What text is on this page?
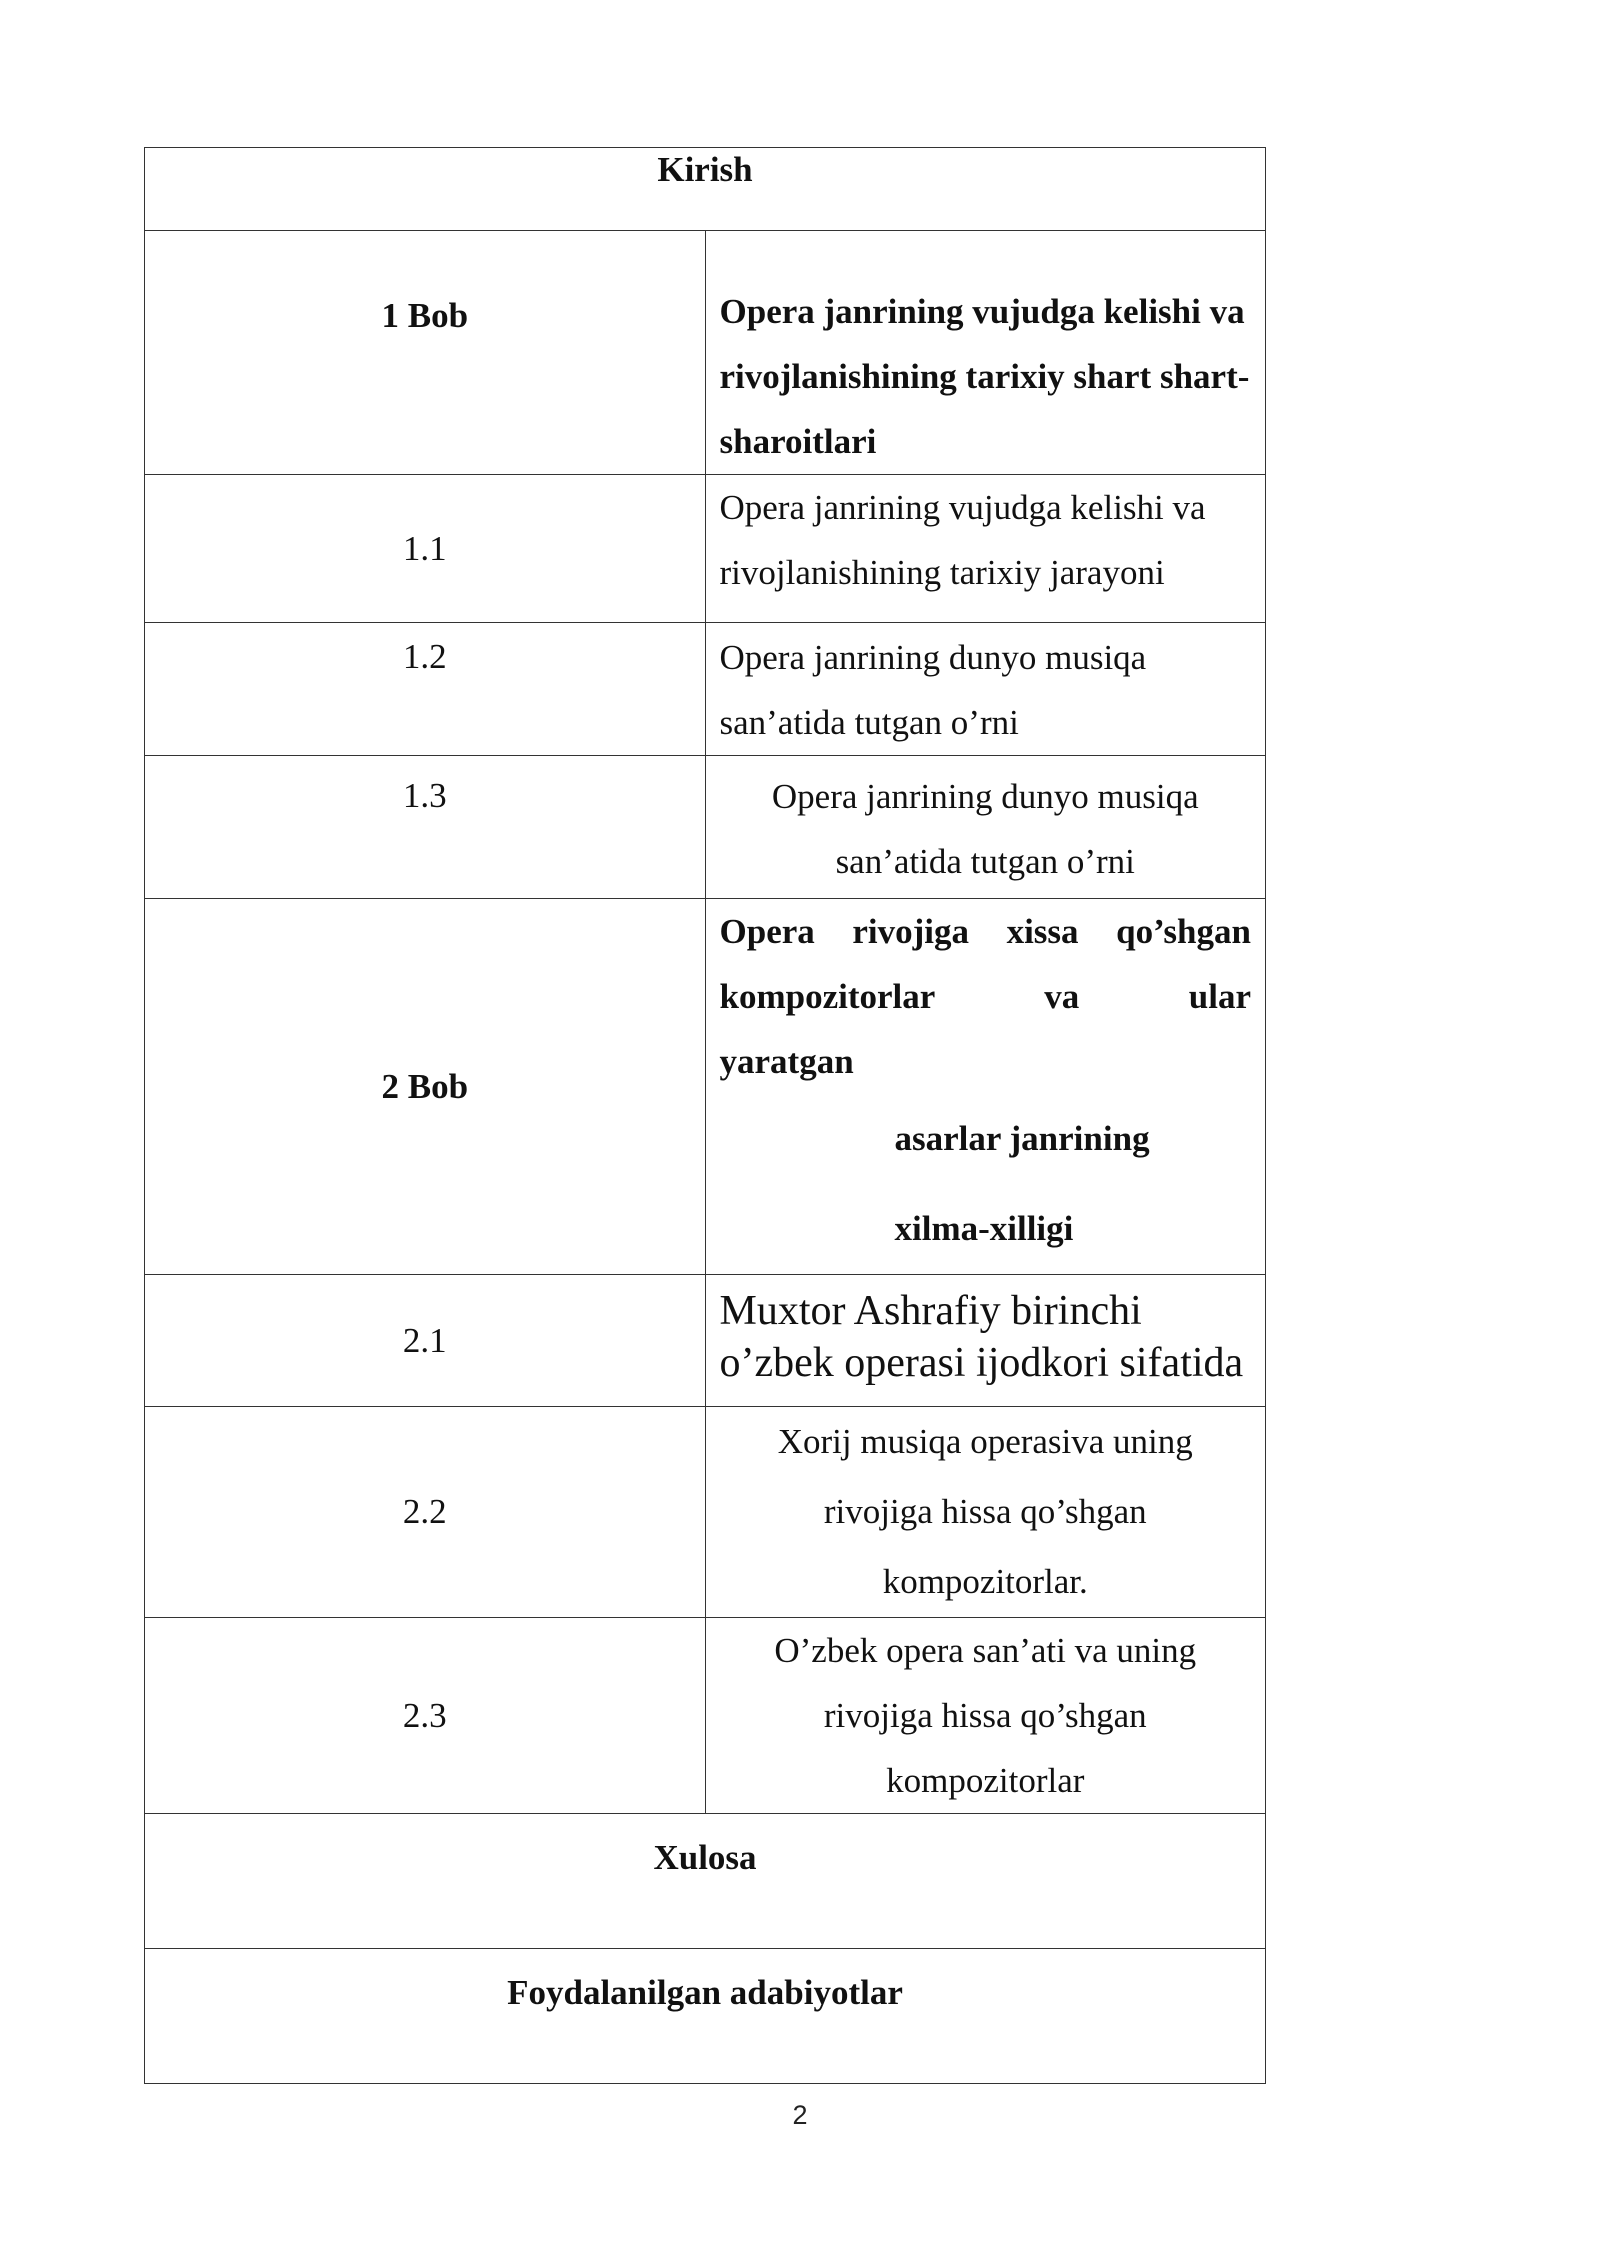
Kirish	
1 Bob	Opera janrining vujudga kelishi va rivojlanishining tarixiy shart shart- sharoitlari
1.1	Opera janrining vujudga kelishi va rivojlanishining tarixiy jarayoni
1.2	Opera janrining dunyo musiqa san’atida tutgan o’rni
1.3	Opera janrining dunyo musiqa san’atida tutgan o’rni
2 Bob	Opera rivojiga xissa qo’shgan kompozitorlar va ular
yaratgan
asarlar janrining xilma-xilligi

2.1	Muxtor Ashrafiy birinchi o’zbek operasi ijodkori sifatida
2.2	Xorij musiqa operasiva uning rivojiga hissa qo’shgan
kompozitorlar.

2.3	O’zbek opera san’ati va uning rivojiga hissa qo’shgan
kompozitorlar

Xulosa	
Foydalanilgan adabiyotlar	
2
